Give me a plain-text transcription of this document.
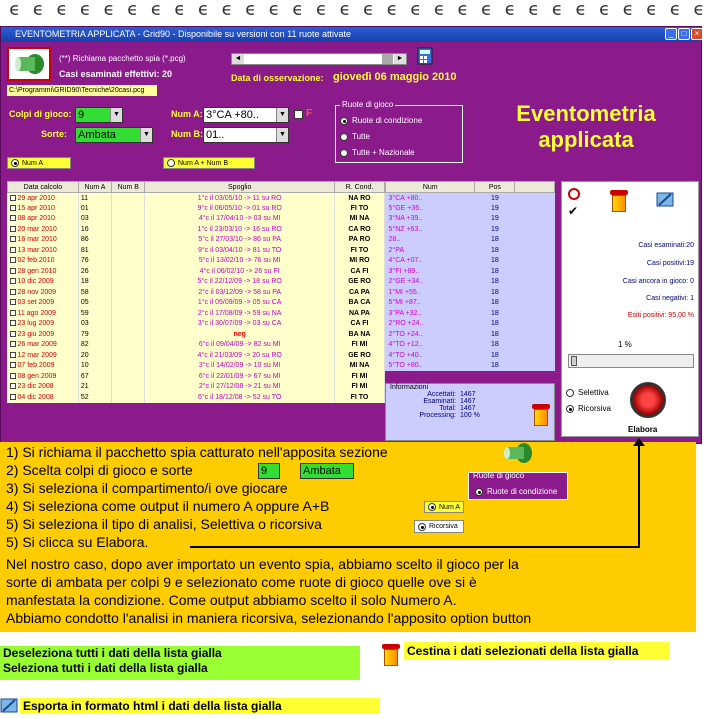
ϵ ϵ ϵ ϵ ϵ ϵ ϵ ϵ ϵ ϵ ϵ ϵ ϵ ϵ ϵ ϵ ϵ ϵ ϵ ϵ ϵ ϵ ϵ ϵ ϵ ϵ ϵ ϵ ϵ ϵ
EVENTOMETRIA APPLICATA - Grid90 - Disponibile su versioni con 11 ruote attivate	_	□	×
(**) Richiama pacchetto spia (*.pcg)
Casi esaminati effettivi: 20
C:\Programmi\GRID90\Tecniche\20casi.pcg
◄	►
Data di osservazione: giovedì 06 maggio 2010
Colpi di gioco: 9	▼
Sorte: Ambata	▼
Num A: 3°CA +80..	▼ F
Num B: 01..	▼
Ruote di gioco
Ruote di condizione
Tutte
Tutte + Nazionale
Eventometria
applicata
Num A	Num A + Num B
Data calcolo	Num A	Num B	Spoglio	R. Cond.
29 apr 2010	11		1°c il 03/05/10 -> 11 su RO	NA RO
15 apr 2010	01		9°c il 06/05/10 -> 01 su RO	FI TO
08 apr 2010	03		4°c il 17/04/10 -> 03 su MI	MI NA
20 mar 2010	16		1°c il 23/03/10 -> 16 su RO	CA RO
16 mar 2010	86		5°c il 27/03/10 -> 86 su PA	PA RO
13 mar 2010	81		9°c il 03/04/10 -> 81 su TO	FI TO
02 feb 2010	76		5°c il 13/02/10 -> 76 su MI	MI RO
28 gen 2010	26		4°c il 06/02/10 -> 26 su FI	CA FI
10 dic 2009	18		5°c il 22/12/09 -> 18 su RO	GE RO
28 nov 2009	58		2°c il 03/12/09 -> 58 su PA	CA PA
03 set 2009	05		1°c il 05/09/09 -> 05 su CA	BA CA
11 ago 2009	59		2°c il 17/08/09 -> 59 su NA	NA PA
23 lug 2009	03		3°c il 30/07/09 -> 03 su CA	CA FI
23 giu 2009	79		neg	BA NA
26 mar 2009	82		6°c il 09/04/09 -> 82 su MI	FI MI
12 mar 2009	20		4°c il 21/03/09 -> 20 su RO	GE RO
07 feb 2009	10		3°c il 14/02/09 -> 10 su MI	MI NA
08 gen 2009	67		6°c il 22/01/09 -> 67 su MI	FI MI
23 dic 2008	21		2°c il 27/12/08 -> 21 su MI	FI MI
04 dic 2008	52		6°c il 18/12/08 -> 52 su TO	FI TO
Num	Pos	
3°CA +80..	19	
5°GE +36..	19	
3°NA +39..	19	
5°NZ +63..	19	
28..	18	
2°PA	18	
4°CA +07..	18	
3°FI +89..	18	
2°GE +34..	18	
1°MI +55..	18	
5°MI +87..	18	
3°PA +32..	18	
2°RO +24..	18	
2°TO +24..	18	
4°TO +12..	18	
4°TO +40..	18	
5°TO +80..	18	
Informazioni
Accettati: 1467
Esaminati: 1467
Total: 1467
Processing: 100 %
✔
Casi esaminati:20
Casi positivi:19
Casi ancora in gioco: 0
Casi negativi: 1
Esiti positivi: 95,00 %
1 %
Selettiva
Ricorsiva
Elabora
1) Si richiama il pacchetto spia catturato nell'apposita sezione
2) Scelta colpi di gioco e sorte	9	Ambata
3) Si seleziona il compartimento/i ove giocare
4) Si seleziona come output il numero A oppure A+B	Num A
5) Si seleziona il tipo di analisi, Selettiva o ricorsiva	Ricorsiva
5) Si clicca su Elabora.
Ruote di gioco
Ruote di condizione
Nel nostro caso, dopo aver importato un evento spia, abbiamo scelto il gioco per la
sorte di ambata per colpi 9 e selezionato come ruote di gioco quelle ove si è
manfestata la condizione. Come output abbiamo scelto il solo Numero A.
Abbiamo condotto l'analisi in maniera ricorsiva, selezionando l'apposito option button
Deseleziona tutti i dati della lista gialla
Seleziona tutti i dati della lista gialla
Cestina i dati selezionati della lista gialla
Esporta in formato html i dati della lista gialla
